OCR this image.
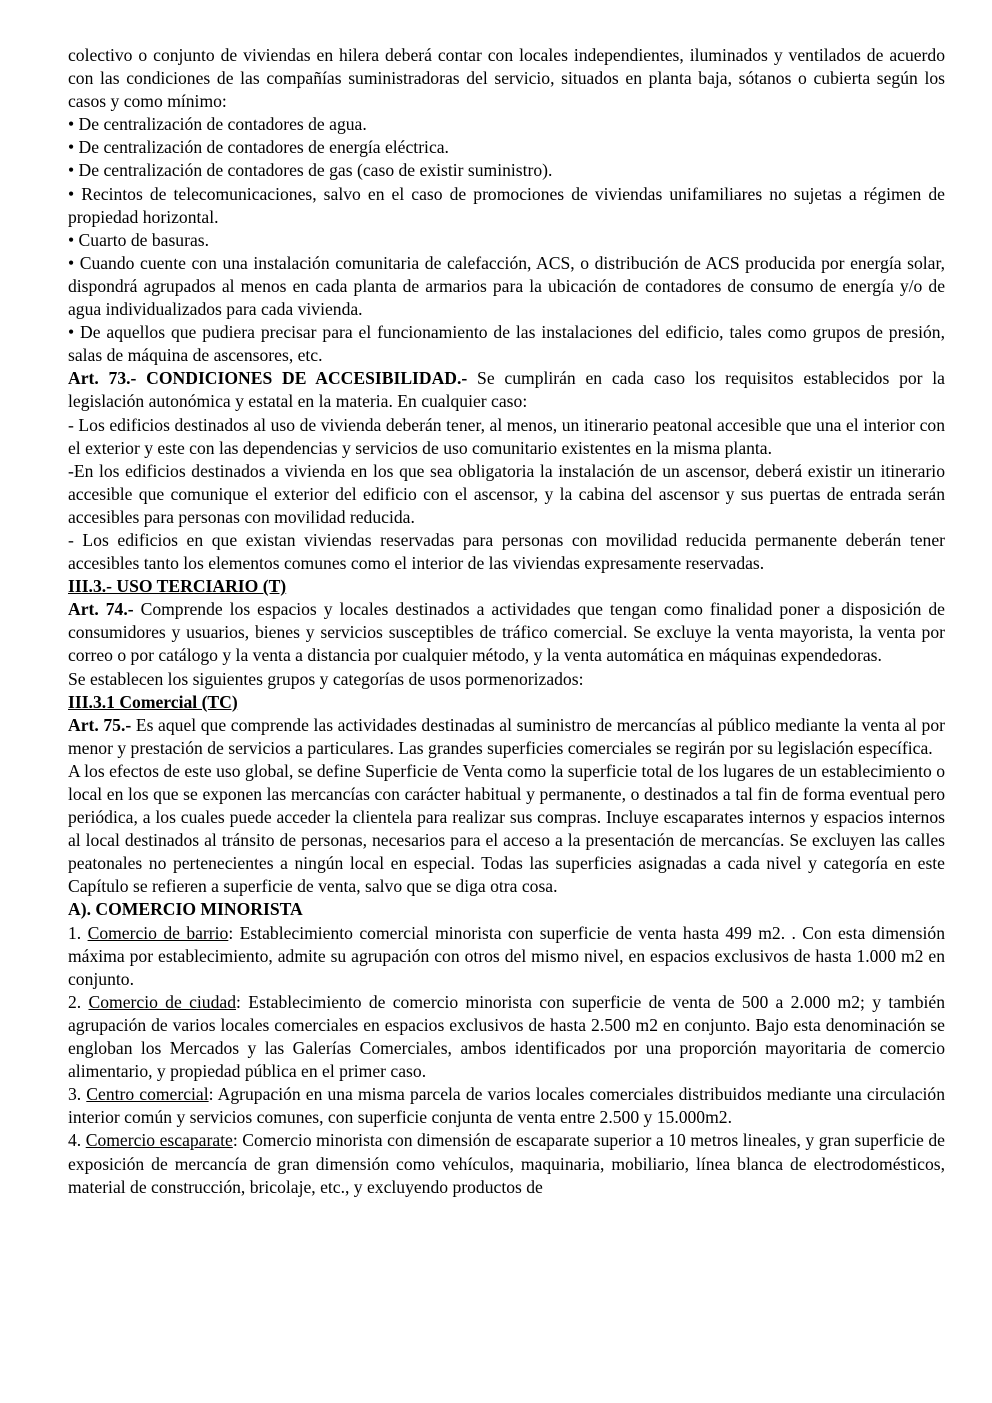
colectivo o conjunto de viviendas en hilera deberá contar con locales independientes, iluminados y ventilados de acuerdo con las condiciones de las compañías suministradoras del servicio, situados en planta baja, sótanos o cubierta según los casos y como mínimo:

• De centralización de contadores de agua.

• De centralización de contadores de energía eléctrica.

• De centralización de contadores de gas (caso de existir suministro).

• Recintos de telecomunicaciones, salvo en el caso de promociones de viviendas unifamiliares no sujetas a régimen de propiedad horizontal.

• Cuarto de basuras.

• Cuando cuente con una instalación comunitaria de calefacción, ACS, o distribución de ACS producida por energía solar, dispondrá agrupados al menos en cada planta de armarios para la ubicación de contadores de consumo de energía y/o de agua individualizados para cada vivienda.

• De aquellos que pudiera precisar para el funcionamiento de las instalaciones del edificio, tales como grupos de presión, salas de máquina de ascensores, etc.

Art. 73.- CONDICIONES DE ACCESIBILIDAD.- Se cumplirán en cada caso los requisitos establecidos por la legislación autonómica y estatal en la materia. En cualquier caso:

- Los edificios destinados al uso de vivienda deberán tener, al menos, un itinerario peatonal accesible que una el interior con el exterior y este con las dependencias y servicios de uso comunitario existentes en la misma planta.

-En los edificios destinados a vivienda en los que sea obligatoria la instalación de un ascensor, deberá existir un itinerario accesible que comunique el exterior del edificio con el ascensor, y la cabina del ascensor y sus puertas de entrada serán accesibles para personas con movilidad reducida.

- Los edificios en que existan viviendas reservadas para personas con movilidad reducida permanente deberán tener accesibles tanto los elementos comunes como el interior de las viviendas expresamente reservadas.

III.3.- USO TERCIARIO (T)

Art. 74.- Comprende los espacios y locales destinados a actividades que tengan como finalidad poner a disposición de consumidores y usuarios, bienes y servicios susceptibles de tráfico comercial. Se excluye la venta mayorista, la venta por correo o por catálogo y la venta a distancia por cualquier método, y la venta automática en máquinas expendedoras.

Se establecen los siguientes grupos y categorías de usos pormenorizados:

III.3.1 Comercial (TC)

Art. 75.- Es aquel que comprende las actividades destinadas al suministro de mercancías al público mediante la venta al por menor y prestación de servicios a particulares. Las grandes superficies comerciales se regirán por su legislación específica.

A los efectos de este uso global, se define Superficie de Venta como la superficie total de los lugares de un establecimiento o local en los que se exponen las mercancías con carácter habitual y permanente, o destinados a tal fin de forma eventual pero periódica, a los cuales puede acceder la clientela para realizar sus compras. Incluye escaparates internos y espacios internos al local destinados al tránsito de personas, necesarios para el acceso a la presentación de mercancías. Se excluyen las calles peatonales no pertenecientes a ningún local en especial. Todas las superficies asignadas a cada nivel y categoría en este Capítulo se refieren a superficie de venta, salvo que se diga otra cosa.

A). COMERCIO MINORISTA

1. Comercio de barrio: Establecimiento comercial minorista con superficie de venta hasta 499 m2. . Con esta dimensión máxima por establecimiento, admite su agrupación con otros del mismo nivel, en espacios exclusivos de hasta 1.000 m2 en conjunto.

2. Comercio de ciudad: Establecimiento de comercio minorista con superficie de venta de 500 a 2.000 m2; y también agrupación de varios locales comerciales en espacios exclusivos de hasta 2.500 m2 en conjunto. Bajo esta denominación se engloban los Mercados y las Galerías Comerciales, ambos identificados por una proporción mayoritaria de comercio alimentario, y propiedad pública en el primer caso.

3. Centro comercial: Agrupación en una misma parcela de varios locales comerciales distribuidos mediante una circulación interior común y servicios comunes, con superficie conjunta de venta entre 2.500 y 15.000m2.

4. Comercio escaparate: Comercio minorista con dimensión de escaparate superior a 10 metros lineales, y gran superficie de exposición de mercancía de gran dimensión como vehículos, maquinaria, mobiliario, línea blanca de electrodomésticos, material de construcción, bricolaje, etc., y excluyendo productos de
